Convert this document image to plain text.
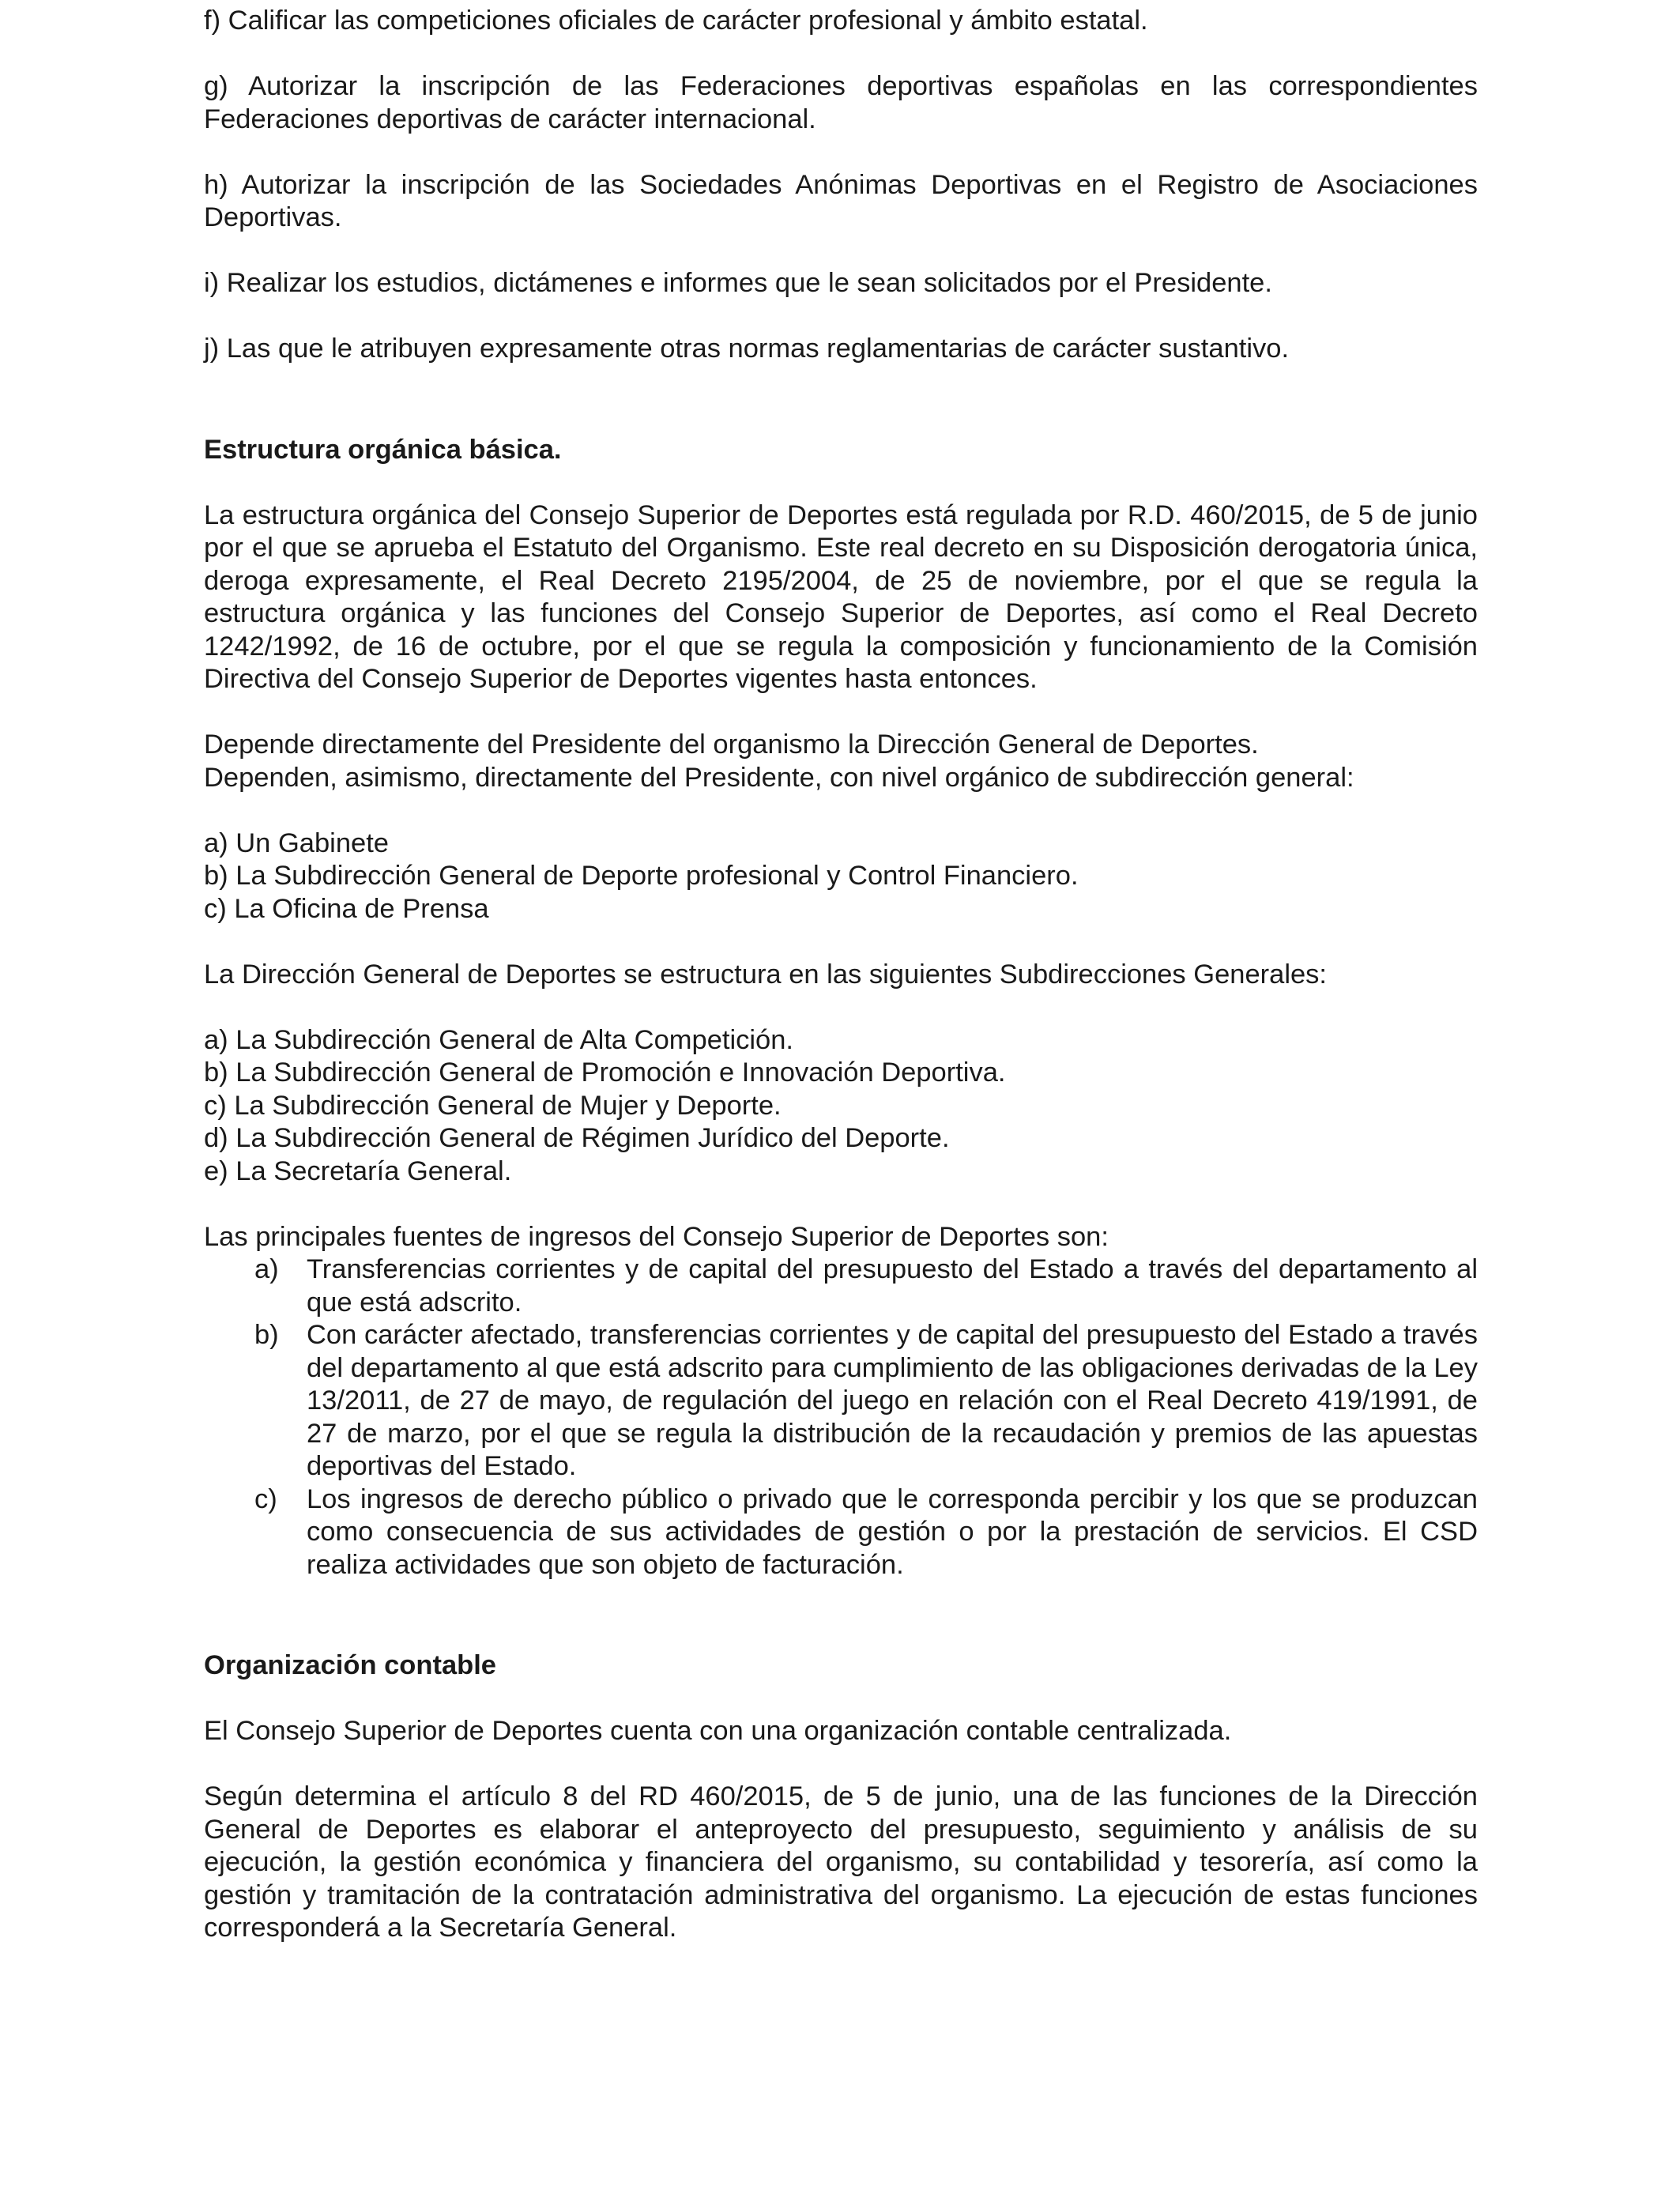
f) Calificar las competiciones oficiales de carácter profesional y ámbito estatal.

g) Autorizar la inscripción de las Federaciones deportivas españolas en las correspondientes Federaciones deportivas de carácter internacional.

h) Autorizar la inscripción de las Sociedades Anónimas Deportivas en el Registro de Asociaciones Deportivas.

i) Realizar los estudios, dictámenes e informes que le sean solicitados por el Presidente.

j) Las que le atribuyen expresamente otras normas reglamentarias de carácter sustantivo.

Estructura orgánica básica.

La estructura orgánica del Consejo Superior de Deportes está regulada por R.D. 460/2015, de 5 de junio por el que se aprueba el Estatuto del Organismo. Este real decreto en su Disposición derogatoria única, deroga expresamente, el Real Decreto 2195/2004, de 25 de noviembre, por el que se regula la estructura orgánica y las funciones del Consejo Superior de Deportes, así como el Real Decreto 1242/1992, de 16 de octubre, por el que se regula la composición y funcionamiento de la Comisión Directiva del Consejo Superior de Deportes vigentes hasta entonces.

Depende directamente del Presidente del organismo la Dirección General de Deportes.
Dependen, asimismo, directamente del Presidente, con nivel orgánico de subdirección general:
a) Un Gabinete
b) La Subdirección General de Deporte profesional y Control Financiero.
c) La Oficina de Prensa

La Dirección General de Deportes se estructura en las siguientes Subdirecciones Generales:

a) La Subdirección General de Alta Competición.
b) La Subdirección General de Promoción e Innovación Deportiva.
c) La Subdirección General de Mujer y Deporte.
d) La Subdirección General de Régimen Jurídico del Deporte.
e) La Secretaría General.

Las principales fuentes de ingresos del Consejo Superior de Deportes son:

a) Transferencias corrientes y de capital del presupuesto del Estado a través del departamento al que está adscrito.
b) Con carácter afectado, transferencias corrientes y de capital del presupuesto del Estado a través del departamento al que está adscrito para cumplimiento de las obligaciones derivadas de la Ley 13/2011, de 27 de mayo, de regulación del juego en relación con el Real Decreto 419/1991, de 27 de marzo, por el que se regula la distribución de la recaudación y premios de las apuestas deportivas del Estado.
c) Los ingresos de derecho público o privado que le corresponda percibir y los que se produzcan como consecuencia de sus actividades de gestión o por la prestación de servicios. El CSD realiza actividades que son objeto de facturación.

Organización contable

El Consejo Superior de Deportes cuenta con una organización contable centralizada.

Según determina el artículo 8 del RD 460/2015, de 5 de junio, una de las funciones de la Dirección General de Deportes es elaborar el anteproyecto del presupuesto, seguimiento y análisis de su ejecución, la gestión económica y financiera del organismo, su contabilidad y tesorería, así como la gestión y tramitación de la contratación administrativa del organismo. La ejecución de estas funciones corresponderá a la Secretaría General.
